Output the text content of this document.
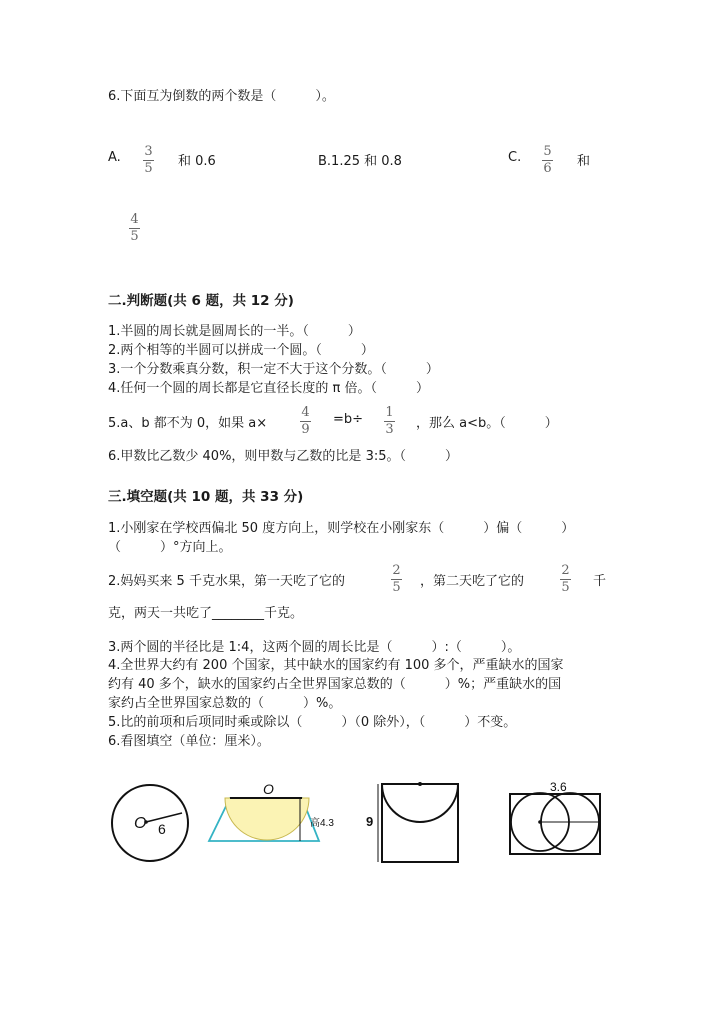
6.下面互为倒数的两个数是（　　　）。
A. 3
5 和 0.6	B.1.25 和 0.8	C. 5
6 和
4
5
二.判断题(共 6 题，共 12 分)
1.半圆的周长就是圆周长的一半。（　　　）
2.两个相等的半圆可以拼成一个圆。（　　　）
3.一个分数乘真分数，积一定不大于这个分数。（　　　）
4.任何一个圆的周长都是它直径长度的 π 倍。（　　　）
5.a、b 都不为 0，如果 a×
4
9
=b÷ 1
3 ，那么 a<b。（　　　）
6.甲数比乙数少 40%，则甲数与乙数的比是 3:5。（　　　）
三.填空题(共 10 题，共 33 分)
1.小刚家在学校西偏北 50 度方向上，则学校在小刚家东（　　　）偏（　　　）
（　　　）°方向上。
2.妈妈买来 5 千克水果，第一天吃了它的
2
5 ，第二天吃了它的
2
5 千
克，两天一共吃了________千克。
3.两个圆的半径比是 1:4，这两个圆的周长比是（　　　）:（　　　）。
4.全世界大约有 200 个国家，其中缺水的国家约有 100 多个，严重缺水的国家
约有 40 多个，缺水的国家约占全世界国家总数的（　　　）%；严重缺水的国
家约占全世界国家总数的（　　　）%。
5.比的前项和后项同时乘或除以（　　　）（0 除外），（　　　）不变。
6.看图填空（单位：厘米）。
O 6
O
高4.3 9
3.6
